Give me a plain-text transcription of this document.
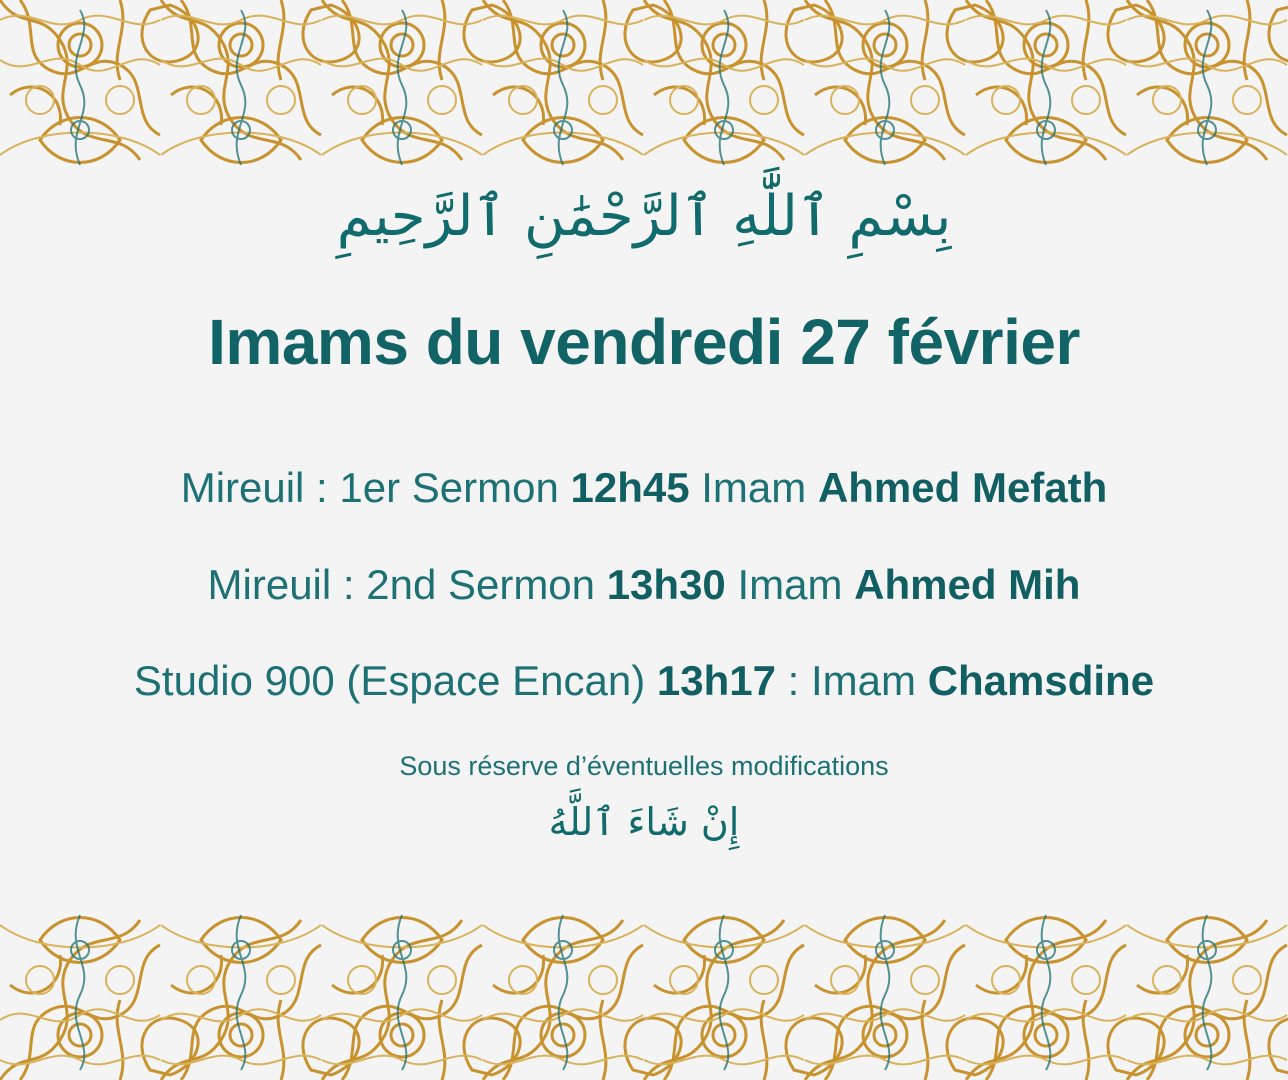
بِسْمِ ٱللَّٰهِ ٱلرَّحْمَٰنِ ٱلرَّحِيمِ
Imams du vendredi 27 février
Mireuil : 1er Sermon 12h45 Imam Ahmed Mefath
Mireuil : 2nd Sermon 13h30 Imam Ahmed Mih
Studio 900 (Espace Encan) 13h17 : Imam Chamsdine
Sous réserve d’éventuelles modifications
إِنْ شَاءَ ٱللَّهُ
